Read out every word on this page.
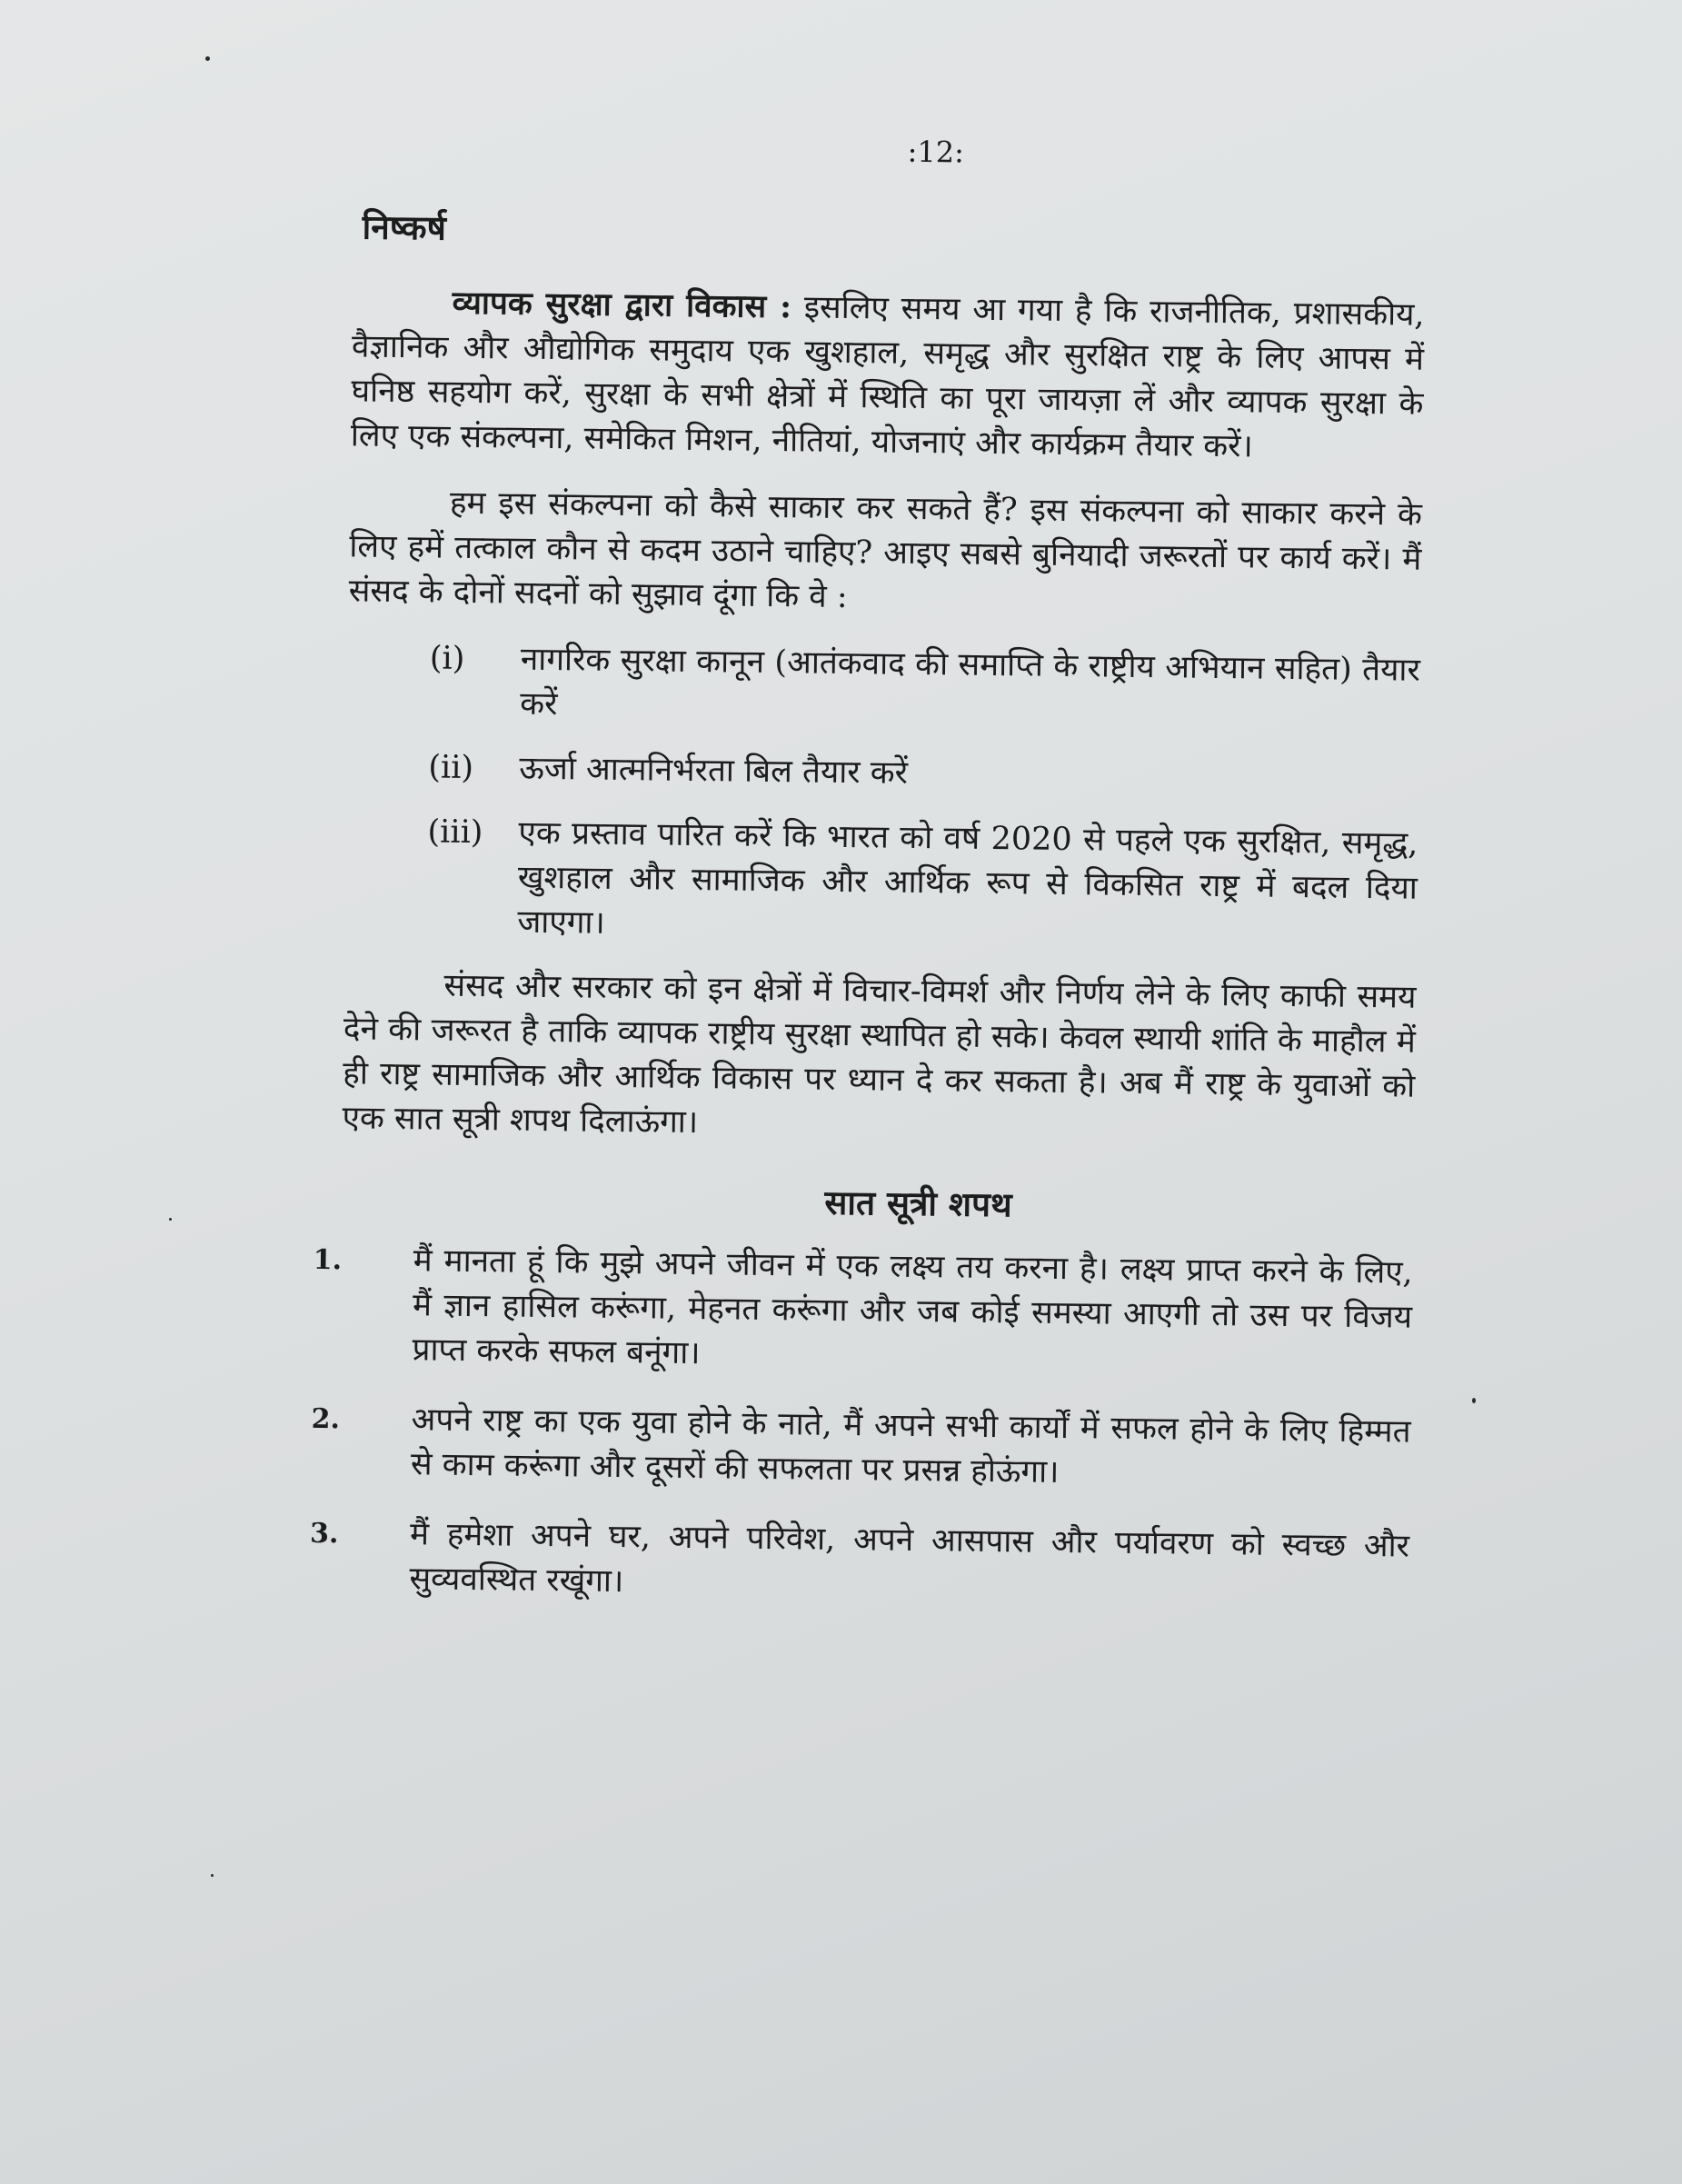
:12:
निष्कर्ष

व्यापक सुरक्षा द्वारा विकास : इसलिए समय आ गया है कि राजनीतिक, प्रशासकीय, वैज्ञानिक और औद्योगिक समुदाय एक खुशहाल, समृद्ध और सुरक्षित राष्ट्र के लिए आपस में घनिष्ठ सहयोग करें, सुरक्षा के सभी क्षेत्रों में स्थिति का पूरा जायज़ा लें और व्यापक सुरक्षा के लिए एक संकल्पना, समेकित मिशन, नीतियां, योजनाएं और कार्यक्रम तैयार करें।

हम इस संकल्पना को कैसे साकार कर सकते हैं? इस संकल्पना को साकार करने के लिए हमें तत्काल कौन से कदम उठाने चाहिए? आइए सबसे बुनियादी जरूरतों पर कार्य करें। मैं संसद के दोनों सदनों को सुझाव दूंगा कि वे :

(i)	नागरिक सुरक्षा कानून (आतंकवाद की समाप्ति के राष्ट्रीय अभियान सहित) तैयार करें
(ii)	ऊर्जा आत्मनिर्भरता बिल तैयार करें
(iii)	एक प्रस्ताव पारित करें कि भारत को वर्ष 2020 से पहले एक सुरक्षित, समृद्ध, खुशहाल और सामाजिक और आर्थिक रूप से विकसित राष्ट्र में बदल दिया जाएगा।

संसद और सरकार को इन क्षेत्रों में विचार-विमर्श और निर्णय लेने के लिए काफी समय देने की जरूरत है ताकि व्यापक राष्ट्रीय सुरक्षा स्थापित हो सके। केवल स्थायी शांति के माहौल में ही राष्ट्र सामाजिक और आर्थिक विकास पर ध्यान दे कर सकता है। अब मैं राष्ट्र के युवाओं को एक सात सूत्री शपथ दिलाऊंगा।

सात सूत्री शपथ
1.	मैं मानता हूं कि मुझे अपने जीवन में एक लक्ष्य तय करना है। लक्ष्य प्राप्त करने के लिए, मैं ज्ञान हासिल करूंगा, मेहनत करूंगा और जब कोई समस्या आएगी तो उस पर विजय प्राप्त करके सफल बनूंगा।
2.	अपने राष्ट्र का एक युवा होने के नाते, मैं अपने सभी कार्यों में सफल होने के लिए हिम्मत से काम करूंगा और दूसरों की सफलता पर प्रसन्न होऊंगा।
3.	मैं हमेशा अपने घर, अपने परिवेश, अपने आसपास और पर्यावरण को स्वच्छ और सुव्यवस्थित रखूंगा।
